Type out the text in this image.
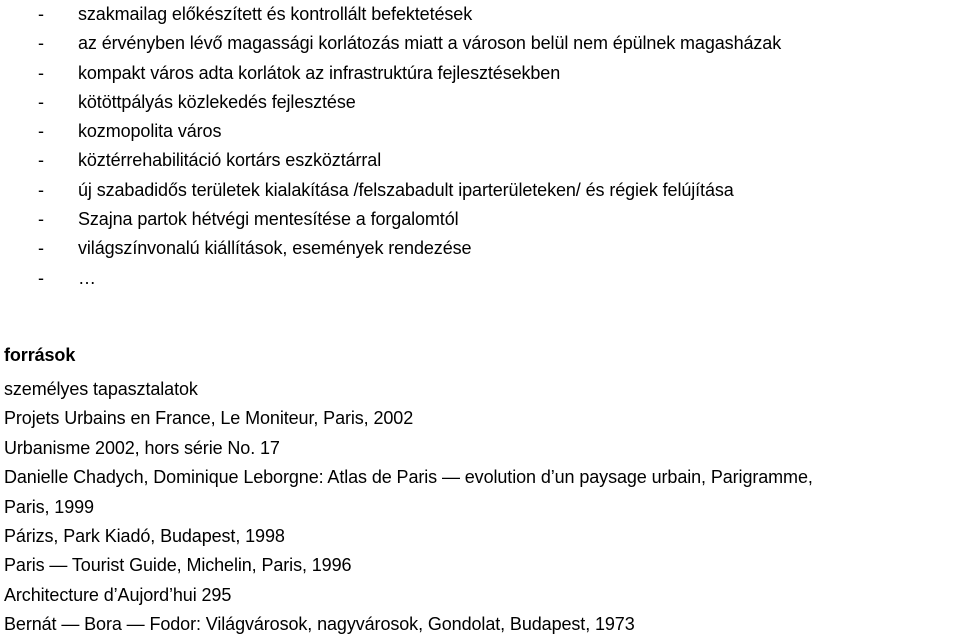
- szakmailag előkészített és kontrollált befektetések
- az érvényben lévő magassági korlátozás miatt a városon belül nem épülnek magasházak
- kompakt város adta korlátok az infrastruktúra fejlesztésekben
- kötöttpályás közlekedés fejlesztése
- kozmopolita város
- köztérrehabilitáció kortárs eszköztárral
- új szabadidős területek kialakítása /felszabadult iparterületeken/ és régiek felújítása
- Szajna partok hétvégi mentesítése a forgalomtól
- világszínvonalú kiállítások, események rendezése
- …
források
személyes tapasztalatok
Projets Urbains en France, Le Moniteur, Paris, 2002
Urbanisme 2002, hors série No. 17
Danielle Chadych, Dominique Leborgne: Atlas de Paris — evolution d’un paysage urbain, Parigramme,
Paris, 1999
Párizs, Park Kiadó, Budapest, 1998
Paris — Tourist Guide, Michelin, Paris, 1996
Architecture d’Aujord’hui 295
Bernát — Bora — Fodor: Világvárosok, nagyvárosok, Gondolat, Budapest, 1973
